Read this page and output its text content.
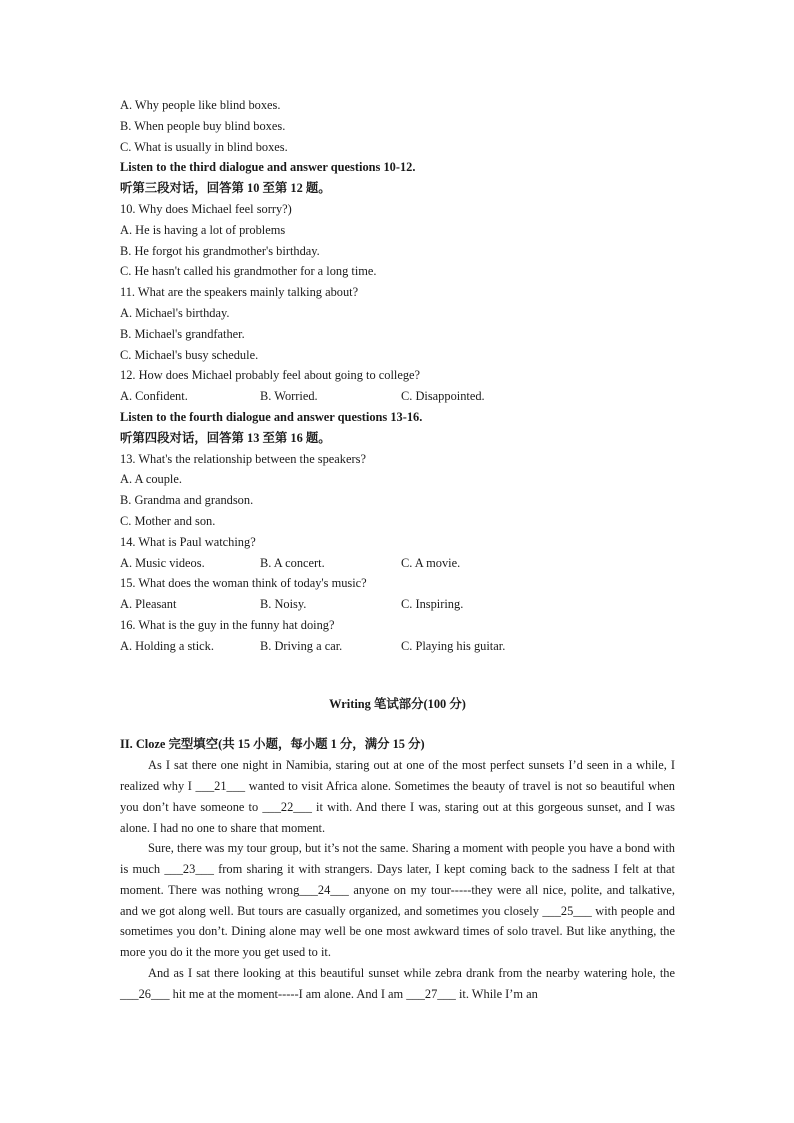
A. Why people like blind boxes.
B. When people buy blind boxes.
C. What is usually in blind boxes.
Listen to the third dialogue and answer questions 10-12.
听第三段对话，回答第 10 至第 12 题。
10. Why does Michael feel sorry?)
A. He is having a lot of problems
B. He forgot his grandmother's birthday.
C. He hasn't called his grandmother for a long time.
11. What are the speakers mainly talking about?
A. Michael's birthday.
B. Michael's grandfather.
C. Michael's busy schedule.
12. How does Michael probably feel about going to college?
A. Confident.	B. Worried.	C. Disappointed.
Listen to the fourth dialogue and answer questions 13-16.
听第四段对话，回答第 13 至第 16 题。
13. What's the relationship between the speakers?
A. A couple.
B. Grandma and grandson.
C. Mother and son.
14. What is Paul watching?
A. Music videos.	B. A concert.	C. A movie.
15. What does the woman think of today's music?
A. Pleasant	B. Noisy.	C. Inspiring.
16. What is the guy in the funny hat doing?
A. Holding a stick.	B. Driving a car.	C. Playing his guitar.
Writing 笔试部分(100 分)
II. Cloze 完型填空(共 15 小题，每小题 1 分，满分 15 分)

As I sat there one night in Namibia, staring out at one of the most perfect sunsets I’d seen in a while, I realized why I ___21___ wanted to visit Africa alone. Sometimes the beauty of travel is not so beautiful when you don’t have someone to ___22___ it with. And there I was, staring out at this gorgeous sunset, and I was alone. I had no one to share that moment.

Sure, there was my tour group, but it’s not the same. Sharing a moment with people you have a bond with is much ___23___ from sharing it with strangers. Days later, I kept coming back to the sadness I felt at that moment. There was nothing wrong___24___ anyone on my tour-----they were all nice, polite, and talkative, and we got along well. But tours are casually organized, and sometimes you closely ___25___ with people and sometimes you don’t. Dining alone may well be one most awkward times of solo travel. But like anything, the more you do it the more you get used to it.

And as I sat there looking at this beautiful sunset while zebra drank from the nearby watering hole, the ___26___ hit me at the moment-----I am alone. And I am ___27___ it. While I’m an
